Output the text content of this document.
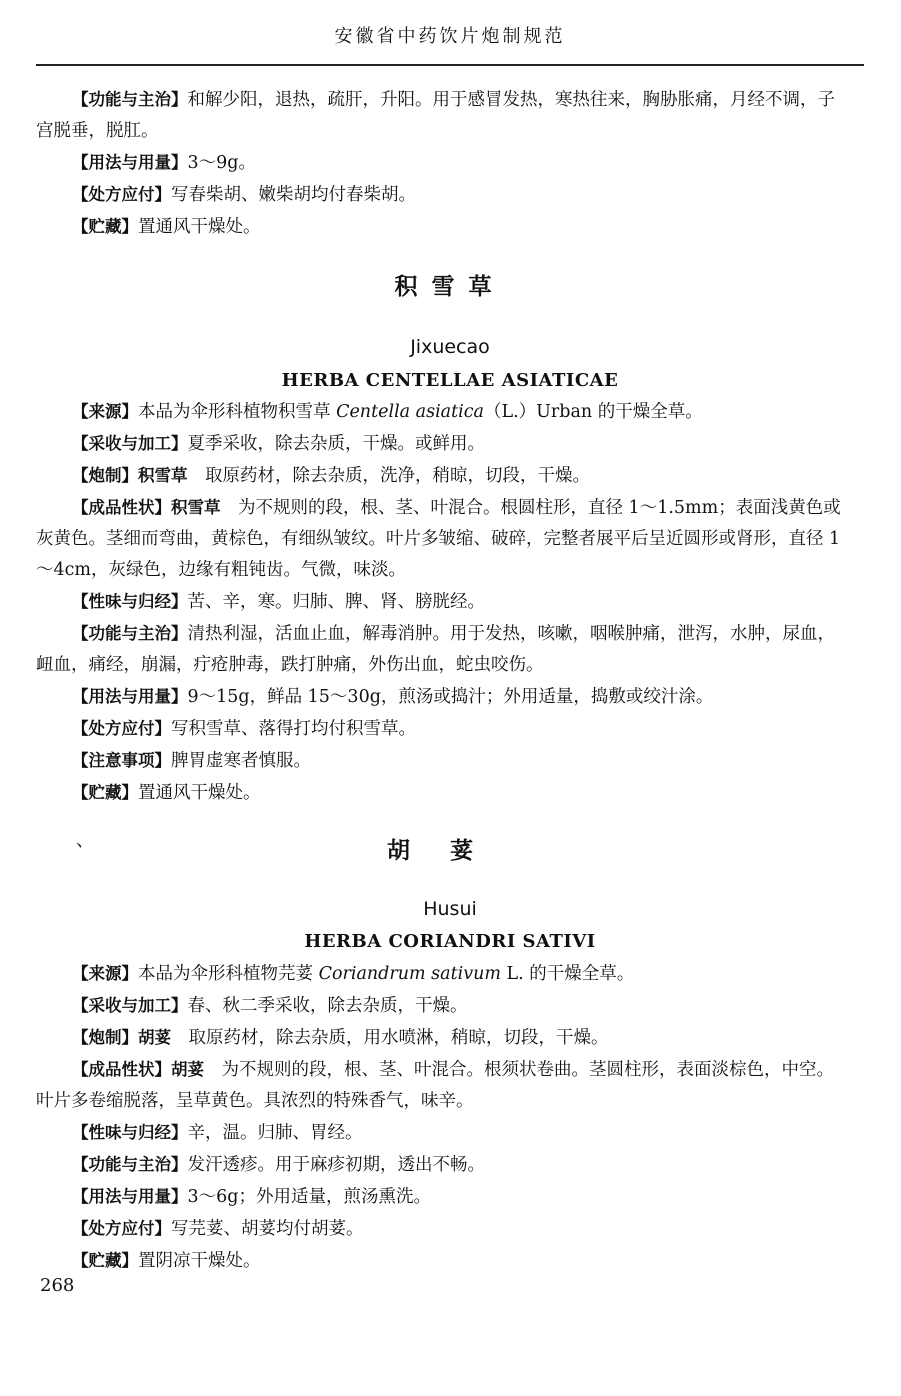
安徽省中药饮片炮制规范

【功能与主治】和解少阳，退热，疏肝，升阳。用于感冒发热，寒热往来，胸胁胀痛，月经不调，子宫脱垂，脱肛。

【用法与用量】3～9g。

【处方应付】写春柴胡、嫩柴胡均付春柴胡。

【贮藏】置通风干燥处。

积雪草
Jixuecao
HERBA CENTELLAE ASIATICAE

【来源】本品为伞形科植物积雪草 Centella asiatica（L.）Urban 的干燥全草。

【采收与加工】夏季采收，除去杂质，干燥。或鲜用。

【炮制】积雪草　取原药材，除去杂质，洗净，稍晾，切段，干燥。

【成品性状】积雪草　为不规则的段，根、茎、叶混合。根圆柱形，直径 1～1.5mm；表面浅黄色或灰黄色。茎细而弯曲，黄棕色，有细纵皱纹。叶片多皱缩、破碎，完整者展平后呈近圆形或肾形，直径 1～4cm，灰绿色，边缘有粗钝齿。气微，味淡。

【性味与归经】苦、辛，寒。归肺、脾、肾、膀胱经。

【功能与主治】清热利湿，活血止血，解毒消肿。用于发热，咳嗽，咽喉肿痛，泄泻，水肿，尿血，衄血，痛经，崩漏，疔疮肿毒，跌打肿痛，外伤出血，蛇虫咬伤。

【用法与用量】9～15g，鲜品 15～30g，煎汤或捣汁；外用适量，捣敷或绞汁涂。

【处方应付】写积雪草、落得打均付积雪草。

【注意事项】脾胃虚寒者慎服。

【贮藏】置通风干燥处。

、	胡荽
Husui
HERBA CORIANDRI SATIVI

【来源】本品为伞形科植物芫荽 Coriandrum sativum L. 的干燥全草。

【采收与加工】春、秋二季采收，除去杂质，干燥。

【炮制】胡荽　取原药材，除去杂质，用水喷淋，稍晾，切段，干燥。

【成品性状】胡荽　为不规则的段，根、茎、叶混合。根须状卷曲。茎圆柱形，表面淡棕色，中空。叶片多卷缩脱落，呈草黄色。具浓烈的特殊香气，味辛。

【性味与归经】辛，温。归肺、胃经。

【功能与主治】发汗透疹。用于麻疹初期，透出不畅。

【用法与用量】3～6g；外用适量，煎汤熏洗。

【处方应付】写芫荽、胡荽均付胡荽。

【贮藏】置阴凉干燥处。

268
